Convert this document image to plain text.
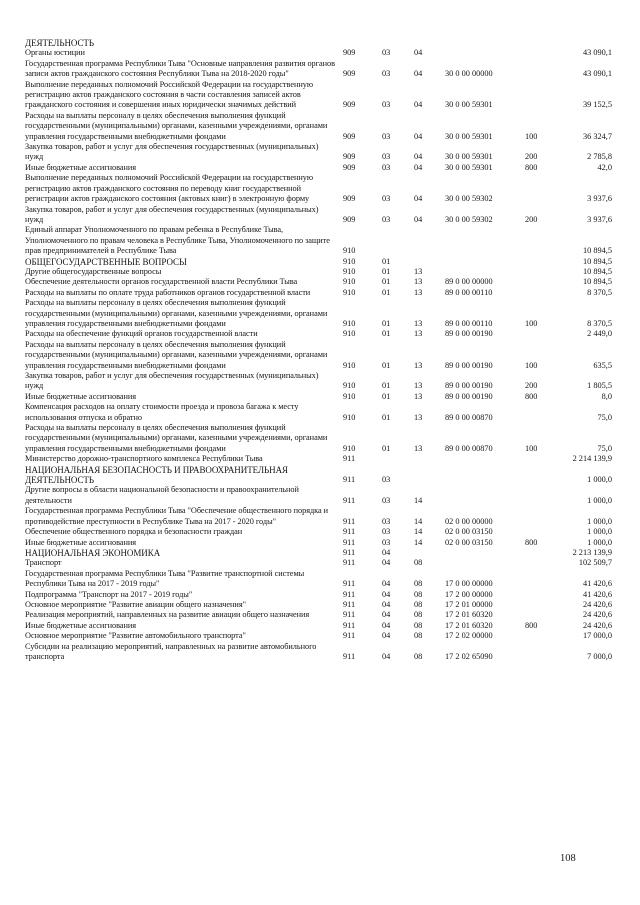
ДЕЯТЕЛЬНОСТЬ
Органы юстиции	909	03	04	43 090,1
Государственная программа Республики Тыва "Основные направления развития органов записи актов гражданского состояния Республики Тыва на 2018-2020 годы"	909	03	04	30 0 00 00000	43 090,1
Выполнение переданных полномочий Российской Федерации на государственную регистрацию актов гражданского состояния в части составления записей актов гражданского состояния и совершения иных юридически значимых действий	909	03	04	30 0 00 59301	39 152,5
Расходы на выплаты персоналу в целях обеспечения выполнения функций государственными (муниципальными) органами, казенными учреждениями, органами управления государственными внебюджетными фондами	909	03	04	30 0 00 59301	100	36 324,7
Закупка товаров, работ и услуг для обеспечения государственных (муниципальных) нужд	909	03	04	30 0 00 59301	200	2 785,8
Иные бюджетные ассигнования	909	03	04	30 0 00 59301	800	42,0
Выполнение переданных полномочий Российской Федерации на государственную регистрацию актов гражданского состояния по переводу книг государственной регистрации актов гражданского состояния (актовых книг) в электронную форму	909	03	04	30 0 00 59302	3 937,6
Закупка товаров, работ и услуг для обеспечения государственных (муниципальных) нужд	909	03	04	30 0 00 59302	200	3 937,6
Единый аппарат Уполномоченного по правам ребенка в Республике Тыва, Уполномоченного по правам человека в Республике Тыва, Уполномоченного по защите прав предпринимателей в Республике Тыва	910	10 894,5
ОБЩЕГОСУДАРСТВЕННЫЕ ВОПРОСЫ	910	01	10 894,5
Другие общегосударственные вопросы	910	01	13	10 894,5
Обеспечение деятельности органов государственной власти Республики Тыва	910	01	13	89 0 00 00000	10 894,5
Расходы на выплаты по оплате труда работников органов государственной власти	910	01	13	89 0 00 00110	8 370,5
Расходы на выплаты персоналу в целях обеспечения выполнения функций государственными (муниципальными) органами, казенными учреждениями, органами управления государственными внебюджетными фондами	910	01	13	89 0 00 00110	100	8 370,5
Расходы на обеспечение функций органов государственной власти	910	01	13	89 0 00 00190	2 449,0
Расходы на выплаты персоналу в целях обеспечения выполнения функций государственными (муниципальными) органами, казенными учреждениями, органами управления государственными внебюджетными фондами	910	01	13	89 0 00 00190	100	635,5
Закупка товаров, работ и услуг для обеспечения государственных (муниципальных) нужд	910	01	13	89 0 00 00190	200	1 805,5
Иные бюджетные ассигнования	910	01	13	89 0 00 00190	800	8,0
Компенсация расходов на оплату стоимости проезда и провоза багажа к месту использования отпуска и обратно	910	01	13	89 0 00 00870	75,0
Расходы на выплаты персоналу в целях обеспечения выполнения функций государственными (муниципальными) органами, казенными учреждениями, органами управления государственными внебюджетными фондами	910	01	13	89 0 00 00870	100	75,0
Министерство дорожно-транспортного комплекса Республики Тыва	911	2 214 139,9
НАЦИОНАЛЬНАЯ БЕЗОПАСНОСТЬ И ПРАВООХРАНИТЕЛЬНАЯ ДЕЯТЕЛЬНОСТЬ	911	03	1 000,0
Другие вопросы в области национальной безопасности и правоохранительной деятельности	911	03	14	1 000,0
Государственная программа Республики Тыва "Обеспечение общественного порядка и противодействие преступности в Республике Тыва на 2017 - 2020 годы"	911	03	14	02 0 00 00000	1 000,0
Обеспечение общественного порядка и безопасности граждан	911	03	14	02 0 00 03150	1 000,0
Иные бюджетные ассигнования	911	03	14	02 0 00 03150	800	1 000,0
НАЦИОНАЛЬНАЯ ЭКОНОМИКА	911	04	2 213 139,9
Транспорт	911	04	08	102 509,7
Государственная программа Республики Тыва "Развитие транспортной системы Республики Тыва на 2017 - 2019 годы"	911	04	08	17 0 00 00000	41 420,6
Подпрограмма "Транспорт на 2017 - 2019 годы"	911	04	08	17 2 00 00000	41 420,6
Основное мероприятие "Развитие авиации общего назначения"	911	04	08	17 2 01 00000	24 420,6
Реализация мероприятий, направленных на развитие авиации общего назначения	911	04	08	17 2 01 60320	24 420,6
Иные бюджетные ассигнования	911	04	08	17 2 01 60320	800	24 420,6
Основное мероприятие "Развитие автомобильного транспорта"	911	04	08	17 2 02 00000	17 000,0
Субсидии на реализацию мероприятий, направленных на развитие автомобильного транспорта	911	04	08	17 2 02 65090	7 000,0
108
